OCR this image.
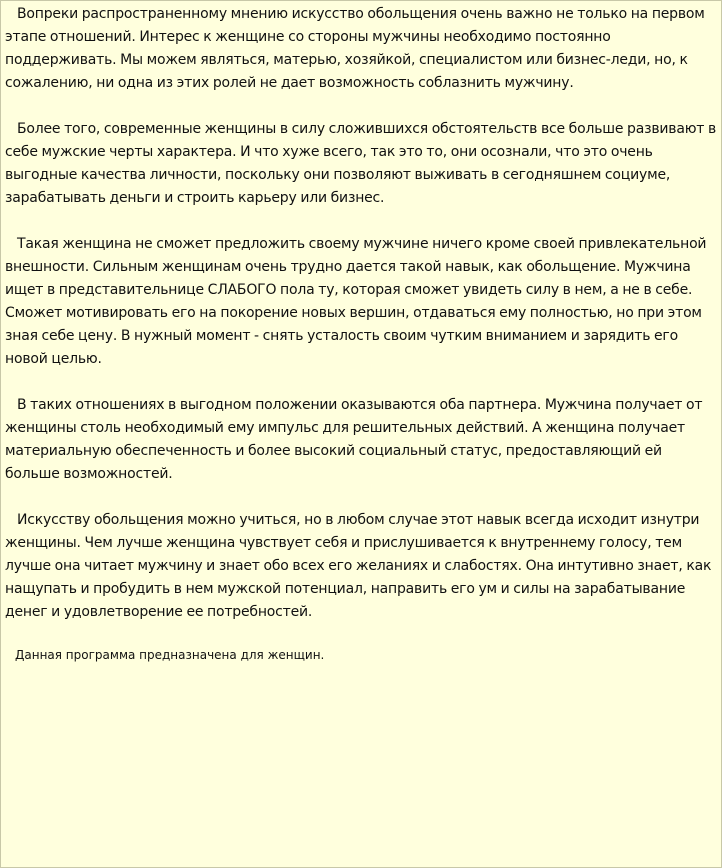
Вопреки распространенному мнению искусство обольщения очень важно не только на первом этапе отношений. Интерес к женщине со стороны мужчины необходимо постоянно поддерживать. Мы можем являться, матерью, хозяйкой, специалистом или бизнес-леди, но, к сожалению, ни одна из этих ролей не дает возможность соблазнить мужчину.

Более того, современные женщины в силу сложившихся обстоятельств все больше развивают в себе мужские черты характера. И что хуже всего, так это то, они осознали, что это очень выгодные качества личности, поскольку они позволяют выживать в сегодняшнем социуме, зарабатывать деньги и строить карьеру или бизнес.

Такая женщина не сможет предложить своему мужчине ничего кроме своей привлекательной внешности. Сильным женщинам очень трудно дается такой навык, как обольщение. Мужчина ищет в представительнице СЛАБОГО пола ту, которая сможет увидеть силу в нем, а не в себе. Сможет мотивировать его на покорение новых вершин, отдаваться ему полностью, но при этом зная себе цену. В нужный момент - снять усталость своим чутким вниманием и зарядить его новой целью.

В таких отношениях в выгодном положении оказываются оба партнера. Мужчина получает от женщины столь необходимый ему импульс для решительных действий. А женщина получает материальную обеспеченность и более высокий социальный статус, предоставляющий ей больше возможностей.

Искусству обольщения можно учиться, но в любом случае этот навык всегда исходит изнутри женщины. Чем лучше женщина чувствует себя и прислушивается к внутреннему голосу, тем лучше она читает мужчину и знает обо всех его желаниях и слабостях. Она интутивно знает, как нащупать и пробудить в нем мужской потенциал, направить его ум и силы на зарабатывание денег и удовлетворение ее потребностей.

Данная программа предназначена для женщин.
